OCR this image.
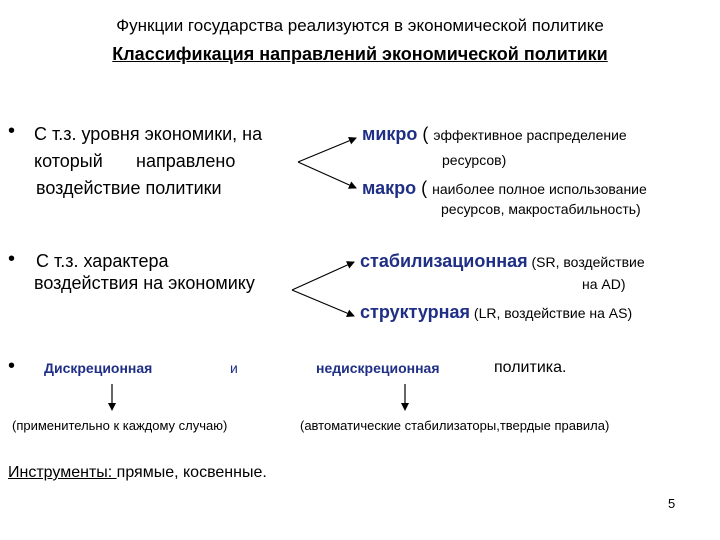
Функции государства реализуются в экономической политике
Классификация направлений экономической политики
• С т.з. уровня экономики, на
который направлено
воздействие политики
микро ( эффективное распределение
ресурсов)
макро ( наиболее полное использование
ресурсов, макростабильность)
• С т.з. характера
воздействия на экономику
стабилизационная (SR, воздействие
на AD)
структурная (LR, воздействие на AS)
• Дискреционная	и	недискреционная	политика.
(применительно к каждому случаю)	(автоматические стабилизаторы,твердые правила)
Инструменты: прямые, косвенные.
5
